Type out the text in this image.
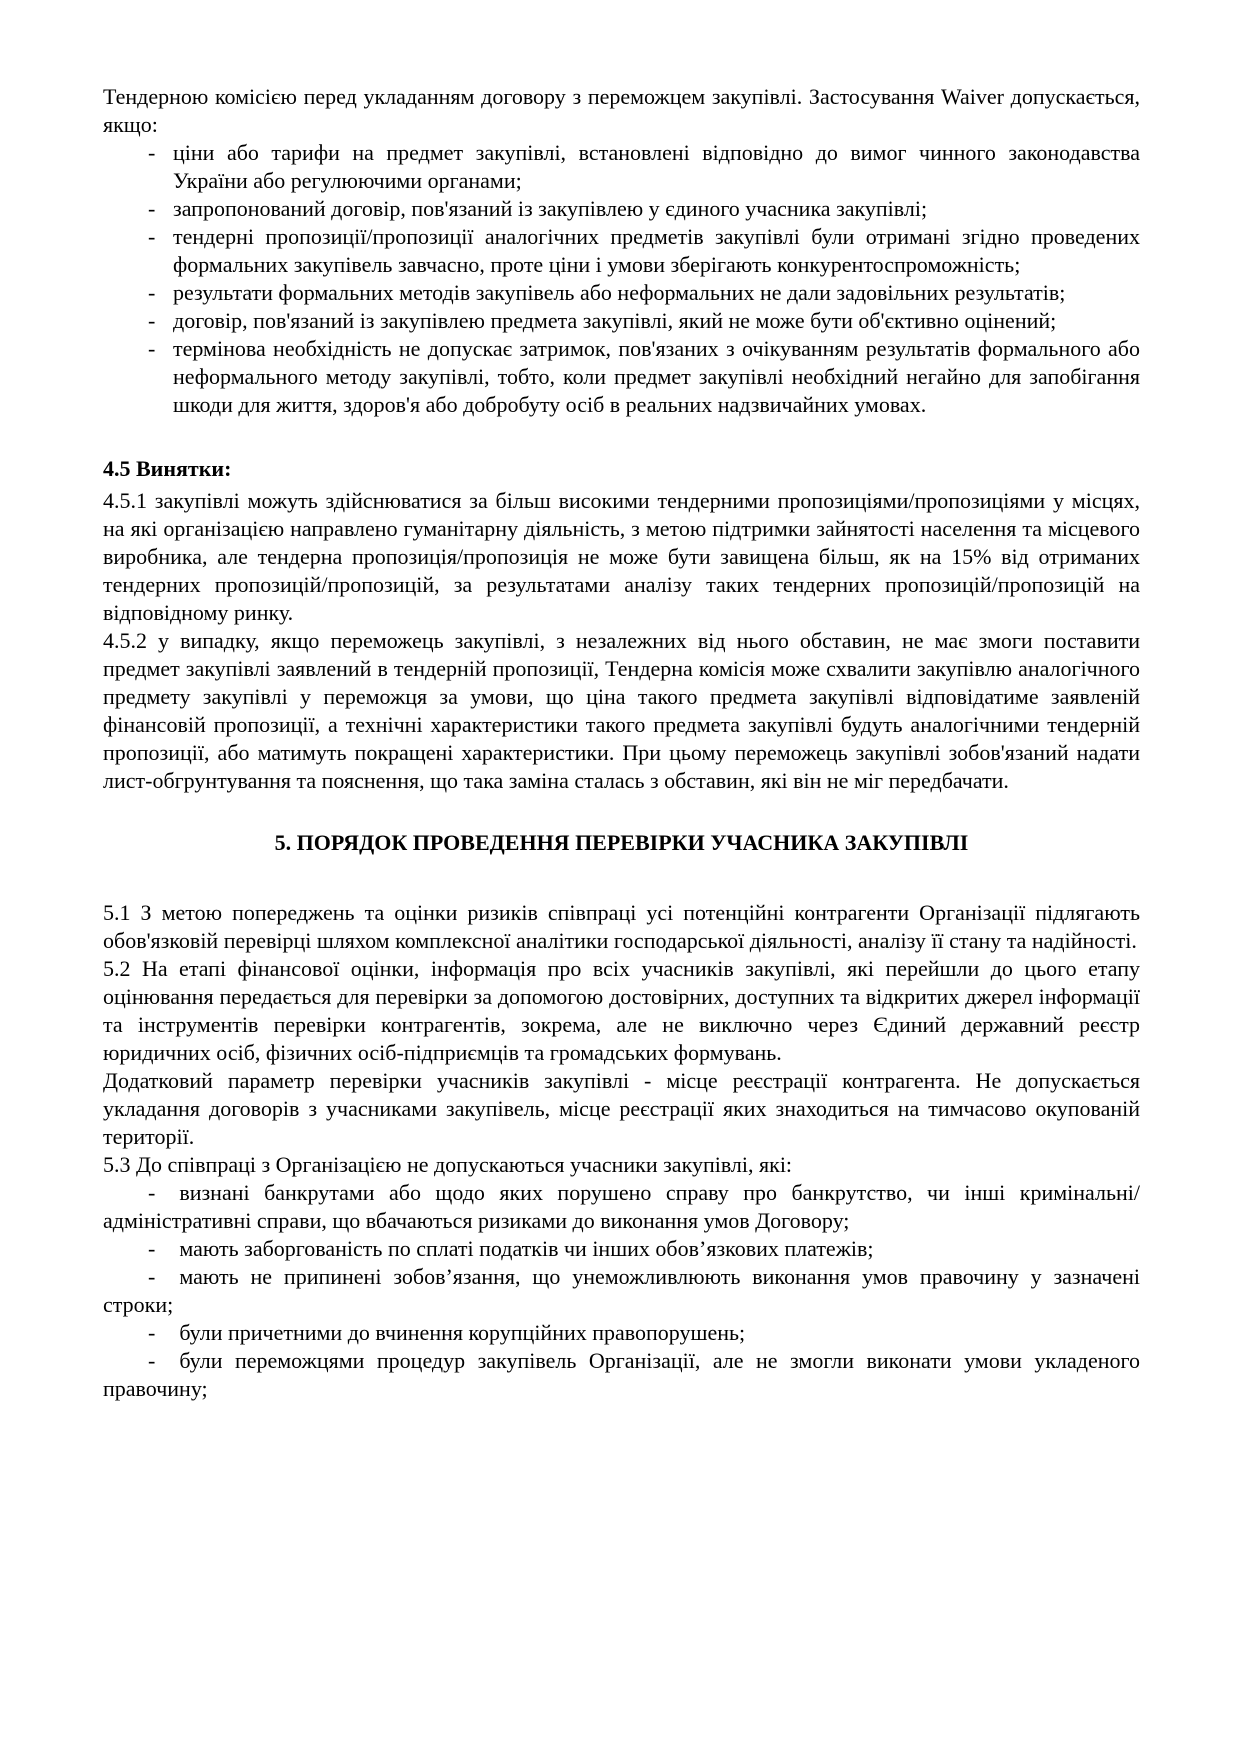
Тендерною комісією перед укладанням договору з переможцем закупівлі. Застосування Waiver допускається, якщо:

- ціни або тарифи на предмет закупівлі, встановлені відповідно до вимог чинного законодавства України або регулюючими органами;
- запропонований договір, пов'язаний із закупівлею у єдиного учасника закупівлі;
- тендерні пропозиції/пропозиції аналогічних предметів закупівлі були отримані згідно проведених формальних закупівель завчасно, проте ціни і умови зберігають конкурентоспроможність;
- результати формальних методів закупівель або неформальних не дали задовільних результатів;
- договір, пов'язаний із закупівлею предмета закупівлі, який не може бути об'єктивно оцінений;
- термінова необхідність не допускає затримок, пов'язаних з очікуванням результатів формального або неформального методу закупівлі, тобто, коли предмет закупівлі необхідний негайно для запобігання шкоди для життя, здоров'я або добробуту осіб в реальних надзвичайних умовах.

4.5 Винятки:

4.5.1 закупівлі можуть здійснюватися за більш високими тендерними пропозиціями/пропозиціями у місцях, на які організацією направлено гуманітарну діяльність, з метою підтримки зайнятості населення та місцевого виробника, але тендерна пропозиція/пропозиція не може бути завищена більш, як на 15% від отриманих тендерних пропозицій/пропозицій, за результатами аналізу таких тендерних пропозицій/пропозицій на відповідному ринку.

4.5.2 у випадку, якщо переможець закупівлі, з незалежних від нього обставин, не має змоги поставити предмет закупівлі заявлений в тендерній пропозиції, Тендерна комісія може схвалити закупівлю аналогічного предмету закупівлі у переможця за умови, що ціна такого предмета закупівлі відповідатиме заявленій фінансовій пропозиції, а технічні характеристики такого предмета закупівлі будуть аналогічними тендерній пропозиції, або матимуть покращені характеристики. При цьому переможець закупівлі зобов'язаний надати лист-обгрунтування та пояснення, що така заміна сталась з обставин, які він не міг передбачати.

5. ПОРЯДОК ПРОВЕДЕННЯ ПЕРЕВІРКИ УЧАСНИКА ЗАКУПІВЛІ

5.1 З метою попереджень та оцінки ризиків співпраці усі потенційні контрагенти Організації підлягають обов'язковій перевірці шляхом комплексної аналітики господарської діяльності, аналізу її стану та надійності.

5.2 На етапі фінансової оцінки, інформація про всіх учасників закупівлі, які перейшли до цього етапу оцінювання передається для перевірки за допомогою достовірних, доступних та відкритих джерел інформації та інструментів перевірки контрагентів, зокрема, але не виключно через Єдиний державний реєстр юридичних осіб, фізичних осіб-підприємців та громадських формувань.

Додатковий параметр перевірки учасників закупівлі - місце реєстрації контрагента. Не допускається укладання договорів з учасниками закупівель, місце реєстрації яких знаходиться на тимчасово окупованій території.

5.3 До співпраці з Організацією не допускаються учасники закупівлі, які:

- визнані банкрутами або щодо яких порушено справу про банкрутство, чи інші кримінальні/адміністративні справи, що вбачаються ризиками до виконання умов Договору;

- мають заборгованість по сплаті податків чи інших обов’язкових платежів;

- мають не припинені зобов’язання, що унеможливлюють виконання умов правочину у зазначені строки;

- були причетними до вчинення корупційних правопорушень;

- були переможцями процедур закупівель Організації, але не змогли виконати умови укладеного правочину;
